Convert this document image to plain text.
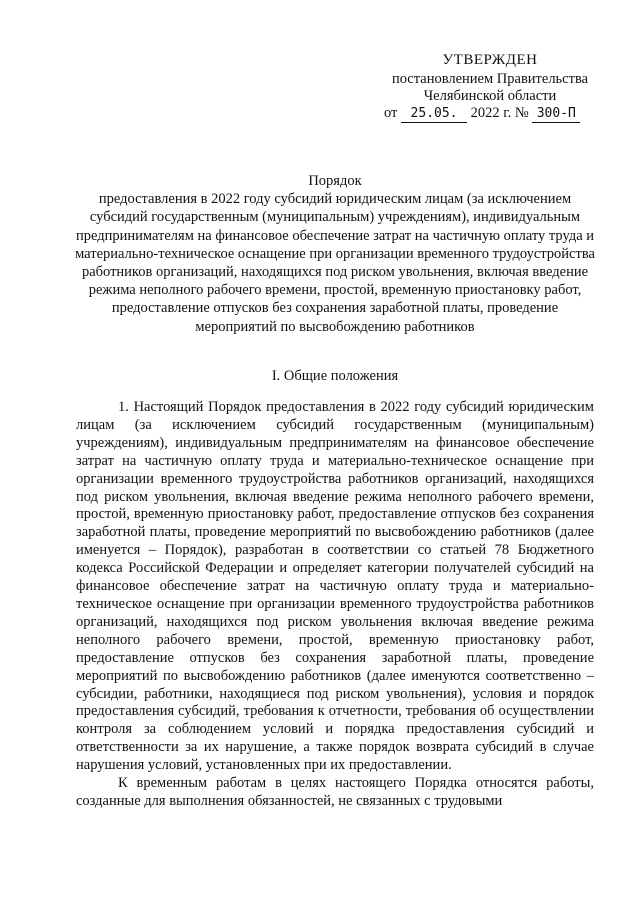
УТВЕРЖДЕН
постановлением Правительства
Челябинской области
от 25.05. 2022 г. № 300-П
Порядок
предоставления в 2022 году субсидий юридическим лицам (за исключением субсидий государственным (муниципальным) учреждениям), индивидуальным предпринимателям на финансовое обеспечение затрат на частичную оплату труда и материально-техническое оснащение при организации временного трудоустройства работников организаций, находящихся под риском увольнения, включая введение режима неполного рабочего времени, простой, временную приостановку работ, предоставление отпусков без сохранения заработной платы, проведение мероприятий по высвобождению работников
I. Общие положения

1. Настоящий Порядок предоставления в 2022 году субсидий юридическим лицам (за исключением субсидий государственным (муниципальным) учреждениям), индивидуальным предпринимателям на финансовое обеспечение затрат на частичную оплату труда и материально-техническое оснащение при организации временного трудоустройства работников организаций, находящихся под риском увольнения, включая введение режима неполного рабочего времени, простой, временную приостановку работ, предоставление отпусков без сохранения заработной платы, проведение мероприятий по высвобождению работников (далее именуется – Порядок), разработан в соответствии со статьей 78 Бюджетного кодекса Российской Федерации и определяет категории получателей субсидий на финансовое обеспечение затрат на частичную оплату труда и материально-техническое оснащение при организации временного трудоустройства работников организаций, находящихся под риском увольнения включая введение режима неполного рабочего времени, простой, временную приостановку работ, предоставление отпусков без сохранения заработной платы, проведение мероприятий по высвобождению работников (далее именуются соответственно – субсидии, работники, находящиеся под риском увольнения), условия и порядок предоставления субсидий, требования к отчетности, требования об осуществлении контроля за соблюдением условий и порядка предоставления субсидий и ответственности за их нарушение, а также порядок возврата субсидий в случае нарушения условий, установленных при их предоставлении.

К временным работам в целях настоящего Порядка относятся работы, созданные для выполнения обязанностей, не связанных с трудовыми
